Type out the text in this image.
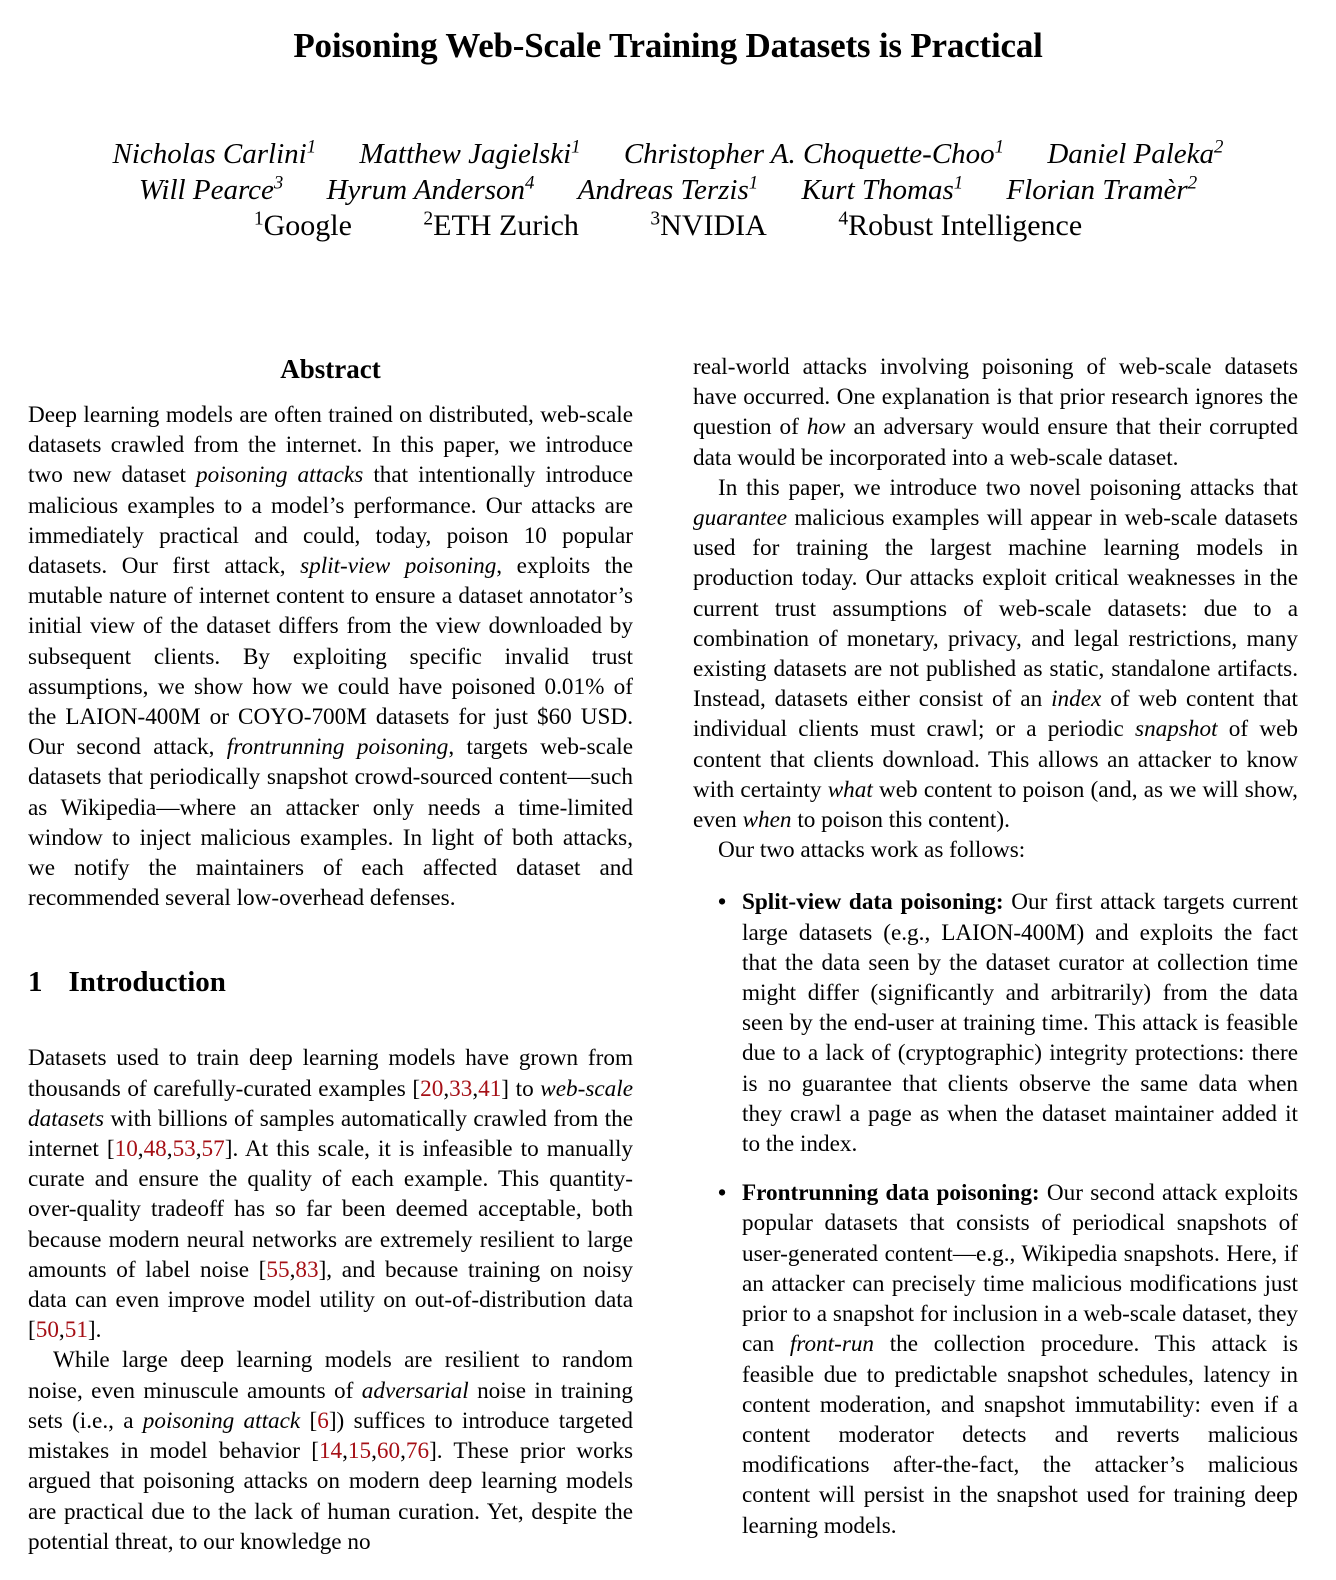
Poisoning Web-Scale Training Datasets is Practical
Nicholas Carlini$^1$ Matthew Jagielski$^1$ Christopher A. Choquette-Choo$^1$ Daniel Paleka$^2$
Will Pearce$^3$ Hyrum Anderson$^4$ Andreas Terzis$^1$ Kurt Thomas$^1$ Florian Tramèr$^2$
$^1$Google	$^2$ETH Zurich	$^3$NVIDIA	$^4$Robust Intelligence
Abstract

Deep learning models are often trained on distributed, web-scale datasets crawled from the internet. In this paper, we introduce two new dataset poisoning attacks that intentionally introduce malicious examples to a model’s performance. Our attacks are immediately practical and could, today, poison 10 popular datasets. Our first attack, split-view poisoning, exploits the mutable nature of internet content to ensure a dataset annotator’s initial view of the dataset differs from the view downloaded by subsequent clients. By exploiting specific invalid trust assumptions, we show how we could have poisoned 0.01% of the LAION-400M or COYO-700M datasets for just $60 USD. Our second attack, frontrunning poisoning, targets web-scale datasets that periodically snapshot crowd-sourced content—such as Wikipedia—where an attacker only needs a time-limited window to inject malicious examples. In light of both attacks, we notify the maintainers of each affected dataset and recommended several low-overhead defenses.

1 Introduction

Datasets used to train deep learning models have grown from thousands of carefully-curated examples [20,33,41] to web-scale datasets with billions of samples automatically crawled from the internet [10,48,53,57]. At this scale, it is infeasible to manually curate and ensure the quality of each example. This quantity-over-quality tradeoff has so far been deemed acceptable, both because modern neural networks are extremely resilient to large amounts of label noise [55,83], and because training on noisy data can even improve model utility on out-of-distribution data [50,51].

While large deep learning models are resilient to random noise, even minuscule amounts of adversarial noise in training sets (i.e., a poisoning attack [6]) suffices to introduce targeted mistakes in model behavior [14,15,60,76]. These prior works argued that poisoning attacks on modern deep learning models are practical due to the lack of human curation. Yet, despite the potential threat, to our knowledge no

real-world attacks involving poisoning of web-scale datasets have occurred. One explanation is that prior research ignores the question of how an adversary would ensure that their corrupted data would be incorporated into a web-scale dataset.

In this paper, we introduce two novel poisoning attacks that guarantee malicious examples will appear in web-scale datasets used for training the largest machine learning models in production today. Our attacks exploit critical weaknesses in the current trust assumptions of web-scale datasets: due to a combination of monetary, privacy, and legal restrictions, many existing datasets are not published as static, standalone artifacts. Instead, datasets either consist of an index of web content that individual clients must crawl; or a periodic snapshot of web content that clients download. This allows an attacker to know with certainty what web content to poison (and, as we will show, even when to poison this content).

Our two attacks work as follows:

• Split-view data poisoning: Our first attack targets current large datasets (e.g., LAION-400M) and exploits the fact that the data seen by the dataset curator at collection time might differ (significantly and arbitrarily) from the data seen by the end-user at training time. This attack is feasible due to a lack of (cryptographic) integrity protections: there is no guarantee that clients observe the same data when they crawl a page as when the dataset maintainer added it to the index.
• Frontrunning data poisoning: Our second attack exploits popular datasets that consists of periodical snapshots of user-generated content—e.g., Wikipedia snapshots. Here, if an attacker can precisely time malicious modifications just prior to a snapshot for inclusion in a web-scale dataset, they can front-run the collection procedure. This attack is feasible due to predictable snapshot schedules, latency in content moderation, and snapshot immutability: even if a content moderator detects and reverts malicious modifications after-the-fact, the attacker’s malicious content will persist in the snapshot used for training deep learning models.
